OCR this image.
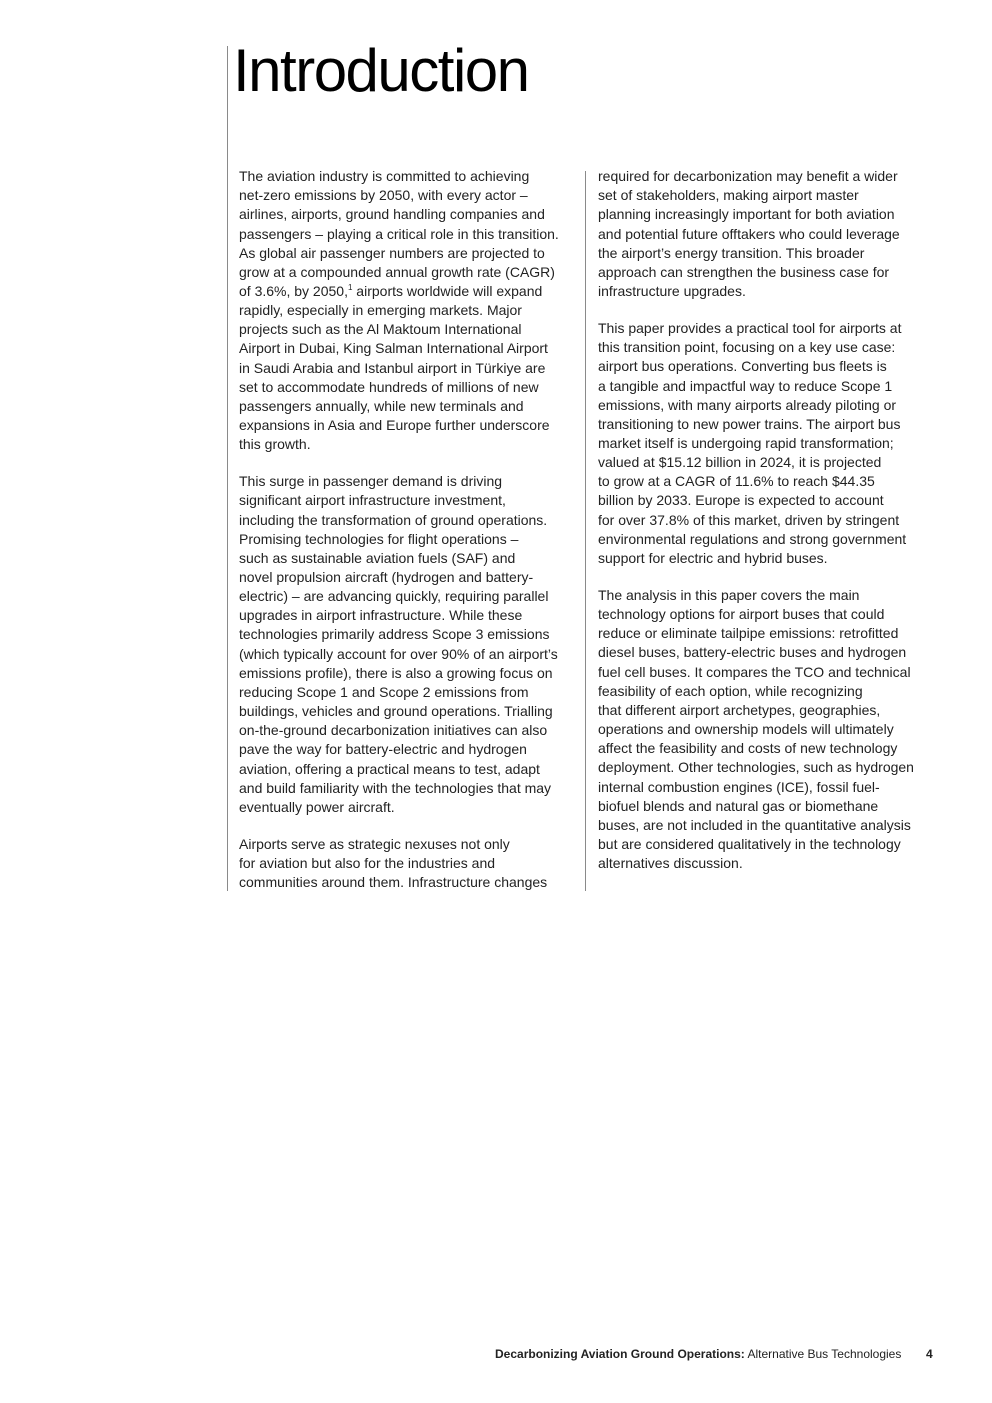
Introduction
The aviation industry is committed to achieving
net-zero emissions by 2050, with every actor –
airlines, airports, ground handling companies and
passengers – playing a critical role in this transition.
As global air passenger numbers are projected to
grow at a compounded annual growth rate (CAGR)
of 3.6%, by 2050,$^1$ airports worldwide will expand
rapidly, especially in emerging markets. Major
projects such as the Al Maktoum International
Airport in Dubai, King Salman International Airport
in Saudi Arabia and Istanbul airport in Türkiye are
set to accommodate hundreds of millions of new
passengers annually, while new terminals and
expansions in Asia and Europe further underscore
this growth.
This surge in passenger demand is driving
significant airport infrastructure investment,
including the transformation of ground operations.
Promising technologies for flight operations –
such as sustainable aviation fuels (SAF) and
novel propulsion aircraft (hydrogen and battery-
electric) – are advancing quickly, requiring parallel
upgrades in airport infrastructure. While these
technologies primarily address Scope 3 emissions
(which typically account for over 90% of an airport’s
emissions profile), there is also a growing focus on
reducing Scope 1 and Scope 2 emissions from
buildings, vehicles and ground operations. Trialling
on-the-ground decarbonization initiatives can also
pave the way for battery-electric and hydrogen
aviation, offering a practical means to test, adapt
and build familiarity with the technologies that may
eventually power aircraft.
Airports serve as strategic nexuses not only
for aviation but also for the industries and
communities around them. Infrastructure changes
required for decarbonization may benefit a wider
set of stakeholders, making airport master
planning increasingly important for both aviation
and potential future offtakers who could leverage
the airport’s energy transition. This broader
approach can strengthen the business case for
infrastructure upgrades.
This paper provides a practical tool for airports at
this transition point, focusing on a key use case:
airport bus operations. Converting bus fleets is
a tangible and impactful way to reduce Scope 1
emissions, with many airports already piloting or
transitioning to new power trains. The airport bus
market itself is undergoing rapid transformation;
valued at $15.12 billion in 2024, it is projected
to grow at a CAGR of 11.6% to reach $44.35
billion by 2033. Europe is expected to account
for over 37.8% of this market, driven by stringent
environmental regulations and strong government
support for electric and hybrid buses.
The analysis in this paper covers the main
technology options for airport buses that could
reduce or eliminate tailpipe emissions: retrofitted
diesel buses, battery-electric buses and hydrogen
fuel cell buses. It compares the TCO and technical
feasibility of each option, while recognizing
that different airport archetypes, geographies,
operations and ownership models will ultimately
affect the feasibility and costs of new technology
deployment. Other technologies, such as hydrogen
internal combustion engines (ICE), fossil fuel-
biofuel blends and natural gas or biomethane
buses, are not included in the quantitative analysis
but are considered qualitatively in the technology
alternatives discussion.
Decarbonizing Aviation Ground Operations: Alternative Bus Technologies 4
